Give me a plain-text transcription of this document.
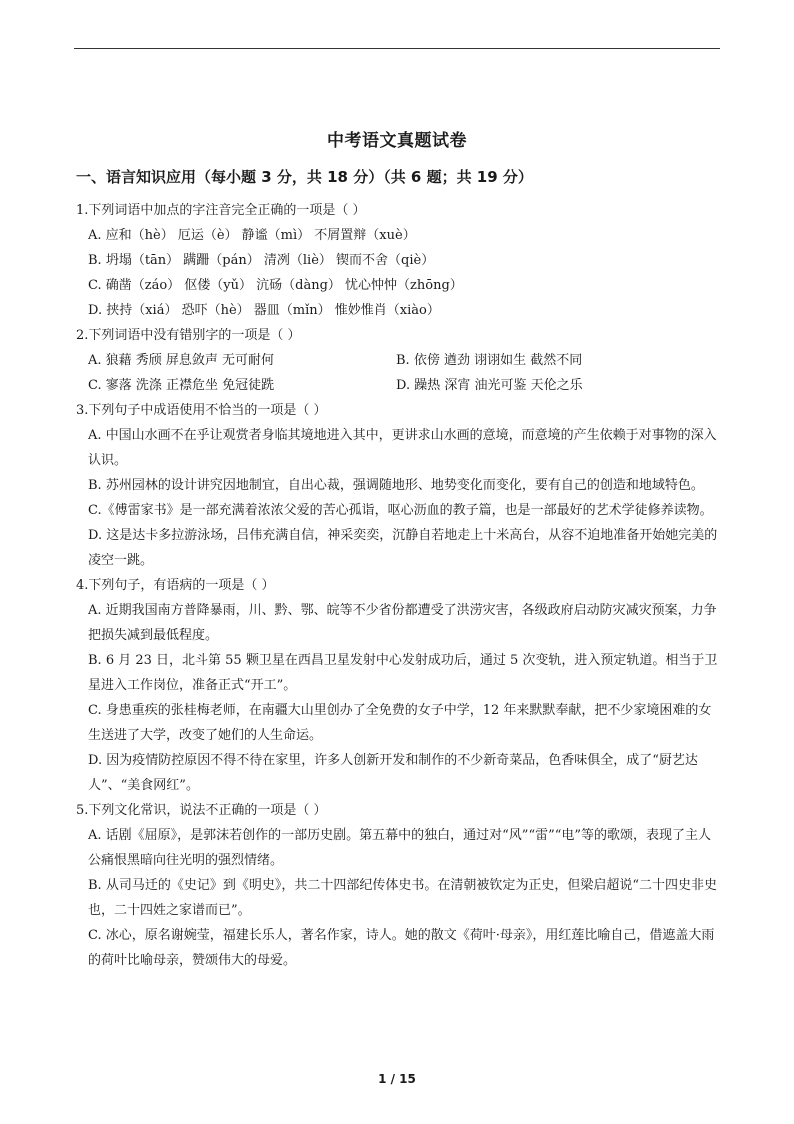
中考语文真题试卷
一、语言知识应用（每小题 3 分，共 18 分）（共 6 题；共 19 分）
1.下列词语中加点的字注音完全正确的一项是（ ）
A. 应和（hè） 厄运（è） 静谧（mì） 不屑置辩（xuè）
B. 坍塌（tān） 蹒跚（pán） 清冽（liè） 锲而不舍（qiè）
C. 确凿（záo） 伛偻（yǔ） 沆砀（dàng） 忧心忡忡（zhōng）
D. 挟持（xiá） 恐吓（hè） 器皿（mǐn） 惟妙惟肖（xiào）
2.下列词语中没有错别字的一项是（ ）
A. 狼藉 秀颀 屏息敛声 无可耐何	B. 依傍 遒劲 诩诩如生 截然不同
C. 寥落 洗涤 正襟危坐 免冠徒跣	D. 躁热 深宵 油光可鉴 天伦之乐
3.下列句子中成语使用不恰当的一项是（ ）
A. 中国山水画不在乎让观赏者身临其境地进入其中，更讲求山水画的意境，而意境的产生依赖于对事物的深入认识。
B. 苏州园林的设计讲究因地制宜，自出心裁，强调随地形、地势变化而变化，要有自己的创造和地域特色。
C.《傅雷家书》是一部充满着浓浓父爱的苦心孤诣，呕心沥血的教子篇，也是一部最好的艺术学徒修养读物。
D. 这是达卡多拉游泳场，吕伟充满自信，神采奕奕，沉静自若地走上十米高台，从容不迫地准备开始她完美的凌空一跳。
4.下列句子，有语病的一项是（ ）
A. 近期我国南方普降暴雨，川、黔、鄂、皖等不少省份都遭受了洪涝灾害，各级政府启动防灾减灾预案，力争把损失减到最低程度。
B. 6 月 23 日，北斗第 55 颗卫星在西昌卫星发射中心发射成功后，通过 5 次变轨，进入预定轨道。相当于卫星进入工作岗位，准备正式“开工”。
C. 身患重疾的张桂梅老师，在南疆大山里创办了全免费的女子中学，12 年来默默奉献，把不少家境困难的女生送进了大学，改变了她们的人生命运。
D. 因为疫情防控原因不得不待在家里，许多人创新开发和制作的不少新奇菜品，色香味俱全，成了“厨艺达人”、“美食网红”。
5.下列文化常识，说法不正确的一项是（ ）
A. 话剧《屈原》，是郭沫若创作的一部历史剧。第五幕中的独白，通过对“风”“雷”“电”等的歌颂，表现了主人公痛恨黑暗向往光明的强烈情绪。
B. 从司马迁的《史记》到《明史》，共二十四部纪传体史书。在清朝被钦定为正史，但梁启超说“二十四史非史也，二十四姓之家谱而已”。
C. 冰心，原名谢婉莹，福建长乐人，著名作家，诗人。她的散文《荷叶·母亲》，用红莲比喻自己，借遮盖大雨的荷叶比喻母亲，赞颂伟大的母爱。
1 / 15
